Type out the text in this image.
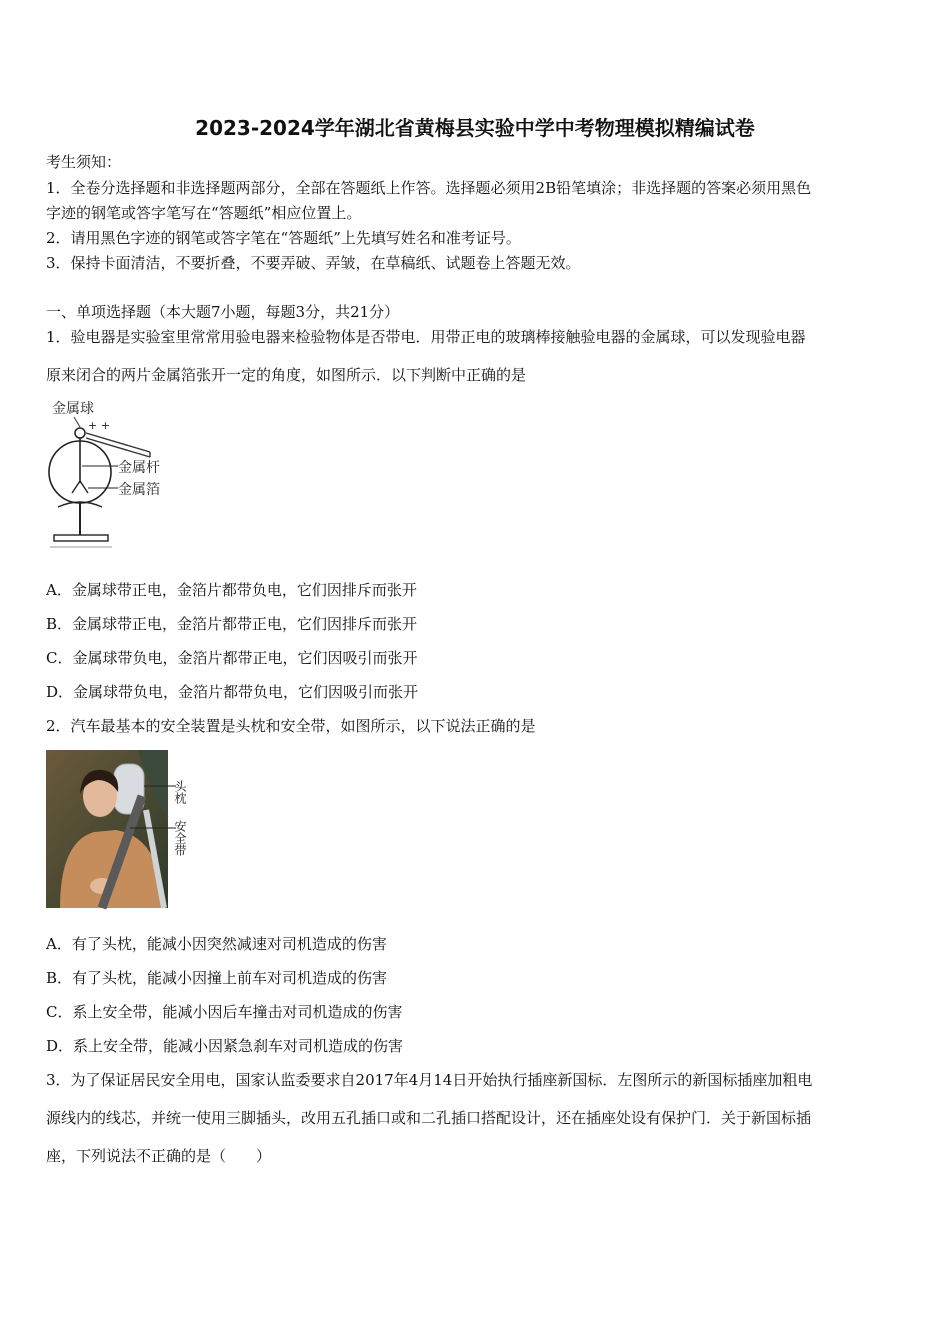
2023-2024学年湖北省黄梅县实验中学中考物理模拟精编试卷
考生须知：
1．全卷分选择题和非选择题两部分，全部在答题纸上作答。选择题必须用2B铅笔填涂；非选择题的答案必须用黑色
字迹的钢笔或答字笔写在“答题纸”相应位置上。
2．请用黑色字迹的钢笔或答字笔在“答题纸”上先填写姓名和准考证号。
3．保持卡面清洁，不要折叠，不要弄破、弄皱，在草稿纸、试题卷上答题无效。
一、单项选择题（本大题7小题，每题3分，共21分）
1．验电器是实验室里常常用验电器来检验物体是否带电．用带正电的玻璃棒接触验电器的金属球，可以发现验电器
原来闭合的两片金属箔张开一定的角度，如图所示．以下判断中正确的是
金属球
金属杆
金属箔
+ +
A．金属球带正电，金箔片都带负电，它们因排斥而张开
B．金属球带正电，金箔片都带正电，它们因排斥而张开
C．金属球带负电，金箔片都带正电，它们因吸引而张开
D．金属球带负电，金箔片都带负电，它们因吸引而张开
2．汽车最基本的安全装置是头枕和安全带，如图所示，以下说法正确的是
头枕
安全带
A．有了头枕，能减小因突然减速对司机造成的伤害
B．有了头枕，能减小因撞上前车对司机造成的伤害
C．系上安全带，能减小因后车撞击对司机造成的伤害
D．系上安全带，能减小因紧急刹车对司机造成的伤害
3．为了保证居民安全用电，国家认监委要求自2017年4月14日开始执行插座新国标．左图所示的新国标插座加粗电
源线内的线芯，并统一使用三脚插头，改用五孔插口或和二孔插口搭配设计，还在插座处设有保护门．关于新国标插
座，下列说法不正确的是（　　）
